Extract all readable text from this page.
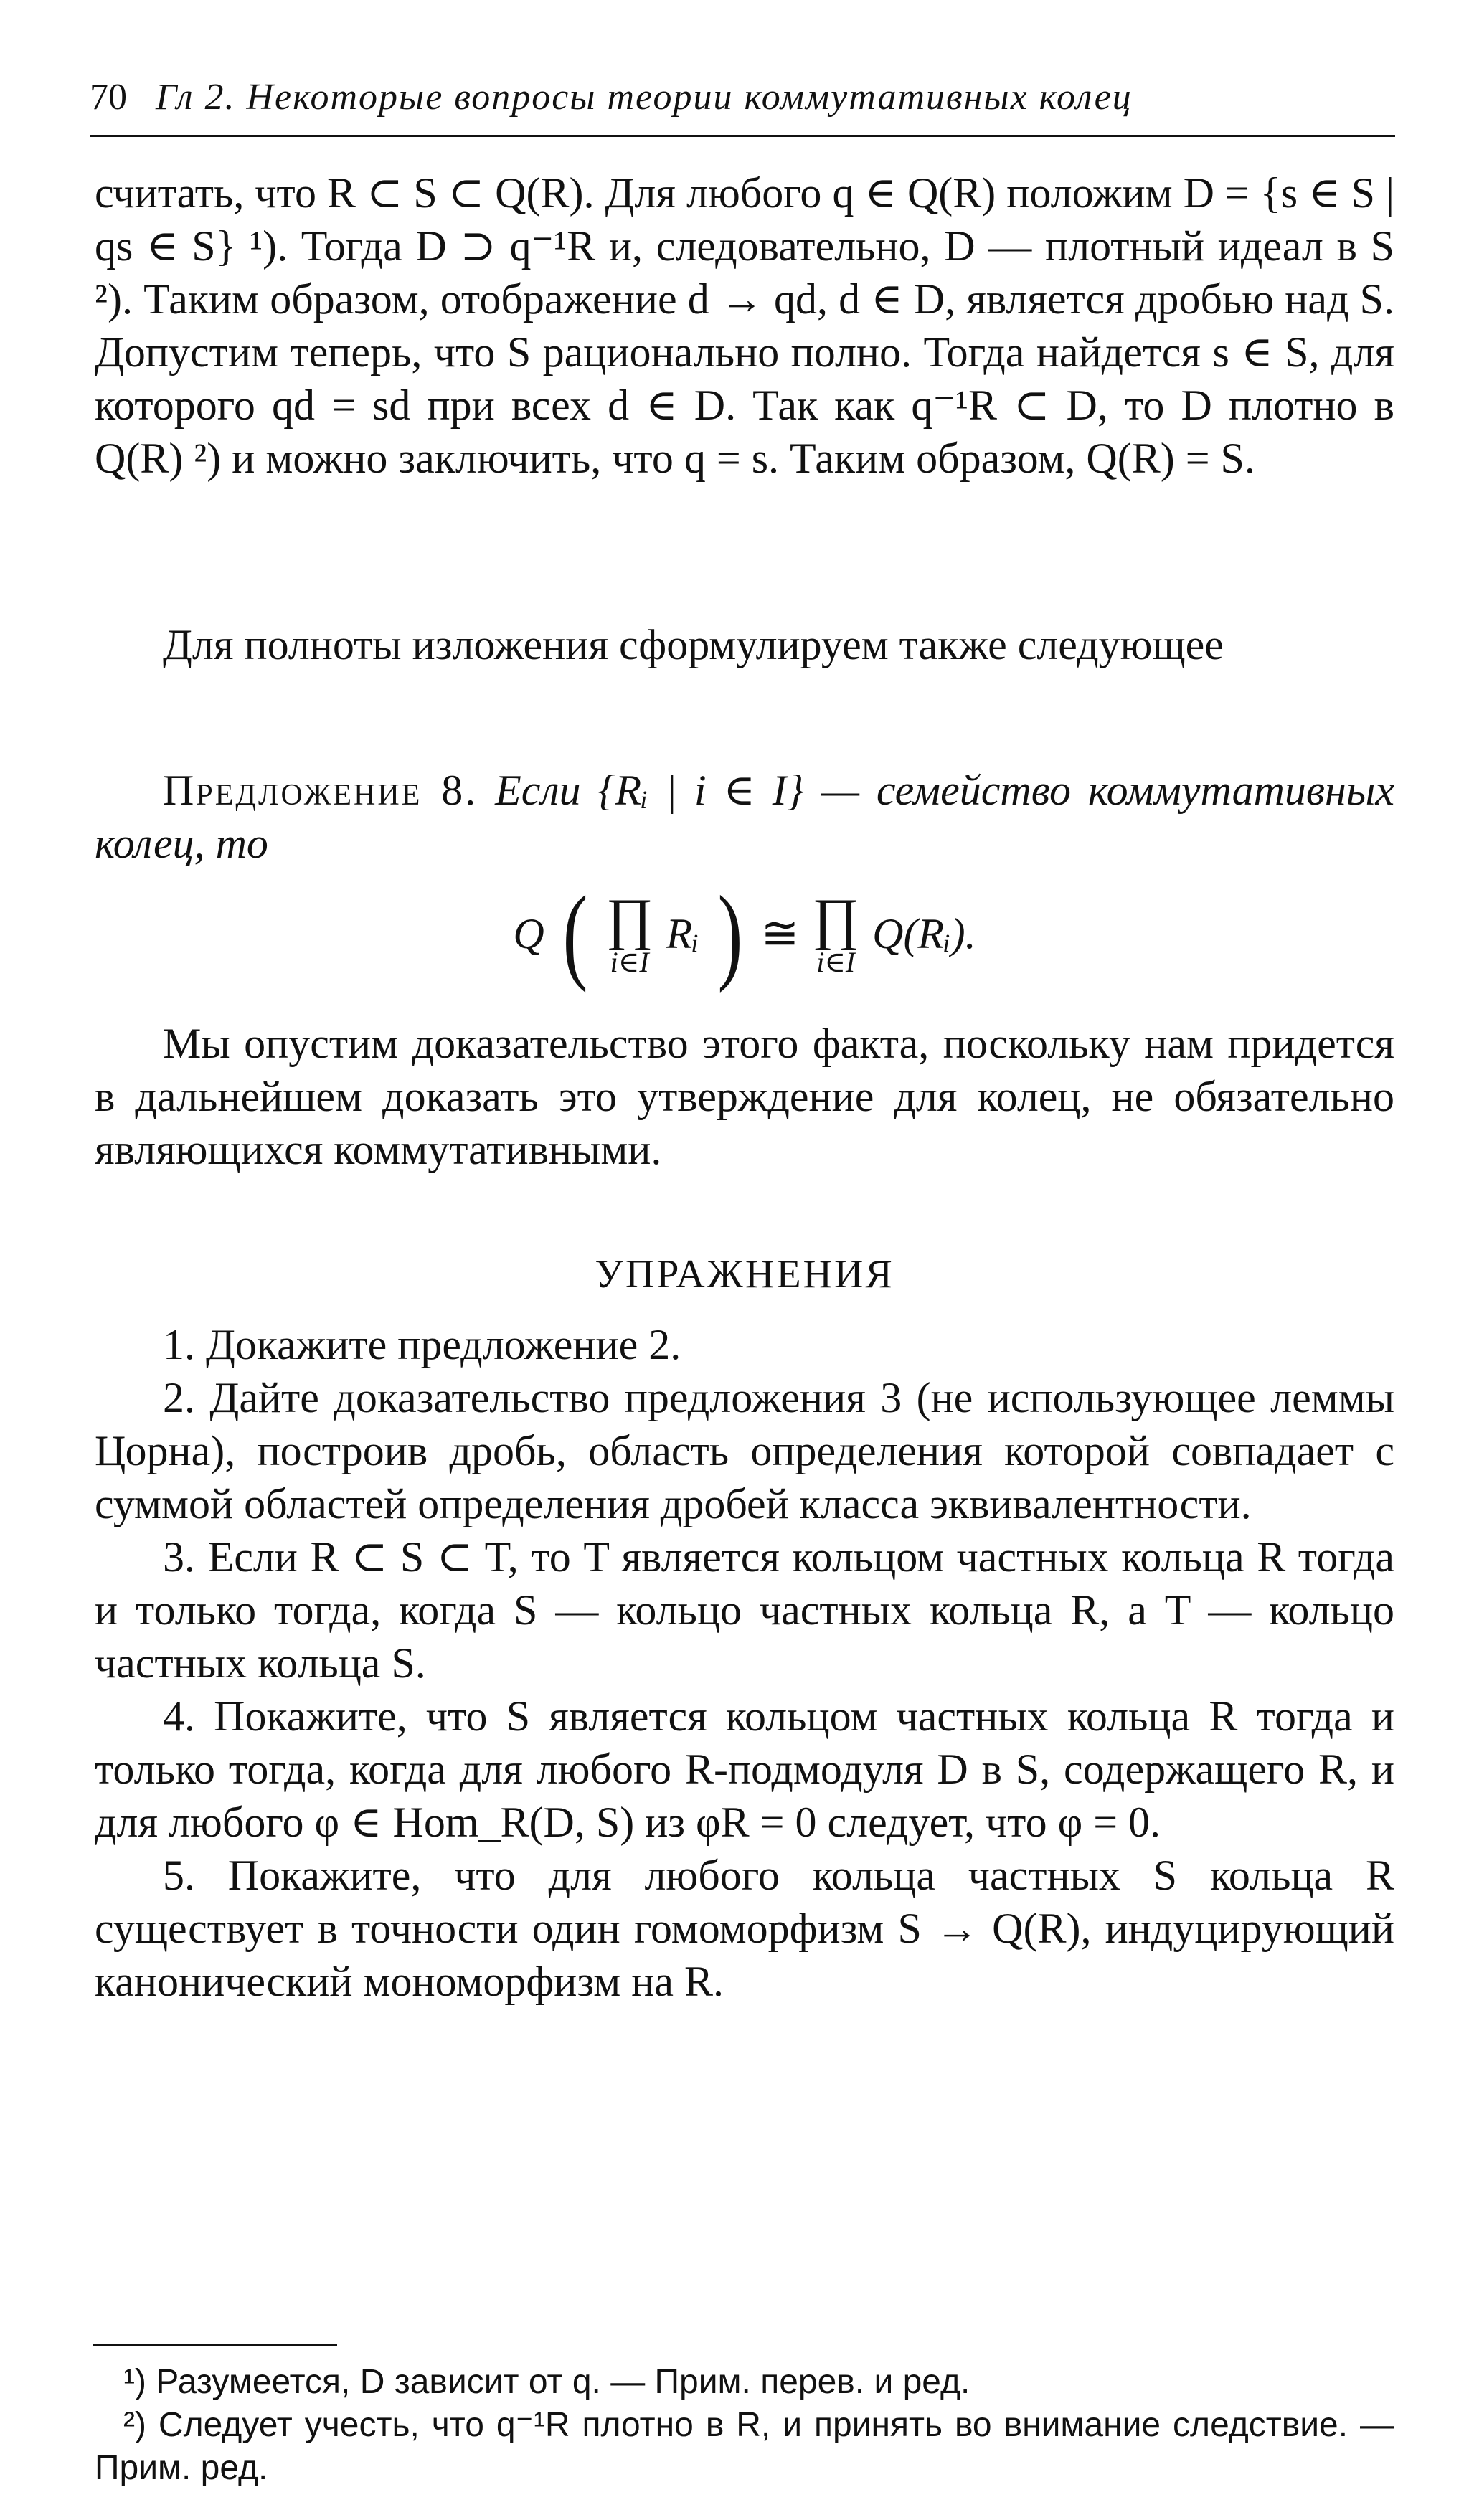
70 Гл 2. Некоторые вопросы теории коммутативных колец

считать, что R ⊂ S ⊂ Q(R). Для любого q ∈ Q(R) положим D = {s ∈ S | qs ∈ S} ¹). Тогда D ⊃ q⁻¹R и, следовательно, D — плотный идеал в S ²). Таким образом, отображение d → qd, d ∈ D, является дробью над S. Допустим теперь, что S рационально полно. Тогда найдется s ∈ S, для которого qd = sd при всех d ∈ D. Так как q⁻¹R ⊂ D, то D плотно в Q(R) ²) и можно заключить, что q = s. Таким образом, Q(R) = S.

Для полноты изложения сформулируем также следующее

Предложение 8. Если {Rᵢ | i ∈ I} — семейство коммутативных колец, то

Q ( ∏
i∈I
Rᵢ ) ≅ ∏
i∈I
Q(Rᵢ).

Мы опустим доказательство этого факта, поскольку нам придется в дальнейшем доказать это утверждение для колец, не обязательно являющихся коммутативными.

УПРАЖНЕНИЯ

1. Докажите предложение 2.

2. Дайте доказательство предложения 3 (не использующее леммы Цорна), построив дробь, область определения которой совпадает с суммой областей определения дробей класса эквивалентности.

3. Если R ⊂ S ⊂ T, то T является кольцом частных кольца R тогда и только тогда, когда S — кольцо частных кольца R, а T — кольцо частных кольца S.

4. Покажите, что S является кольцом частных кольца R тогда и только тогда, когда для любого R-подмодуля D в S, содержащего R, и для любого φ ∈ Hom_R(D, S) из φR = 0 следует, что φ = 0.

5. Покажите, что для любого кольца частных S кольца R существует в точности один гомоморфизм S → Q(R), индуцирующий канонический мономорфизм на R.

¹) Разумеется, D зависит от q. — Прим. перев. и ред.

²) Следует учесть, что q⁻¹R плотно в R, и принять во внимание следствие. — Прим. ред.
